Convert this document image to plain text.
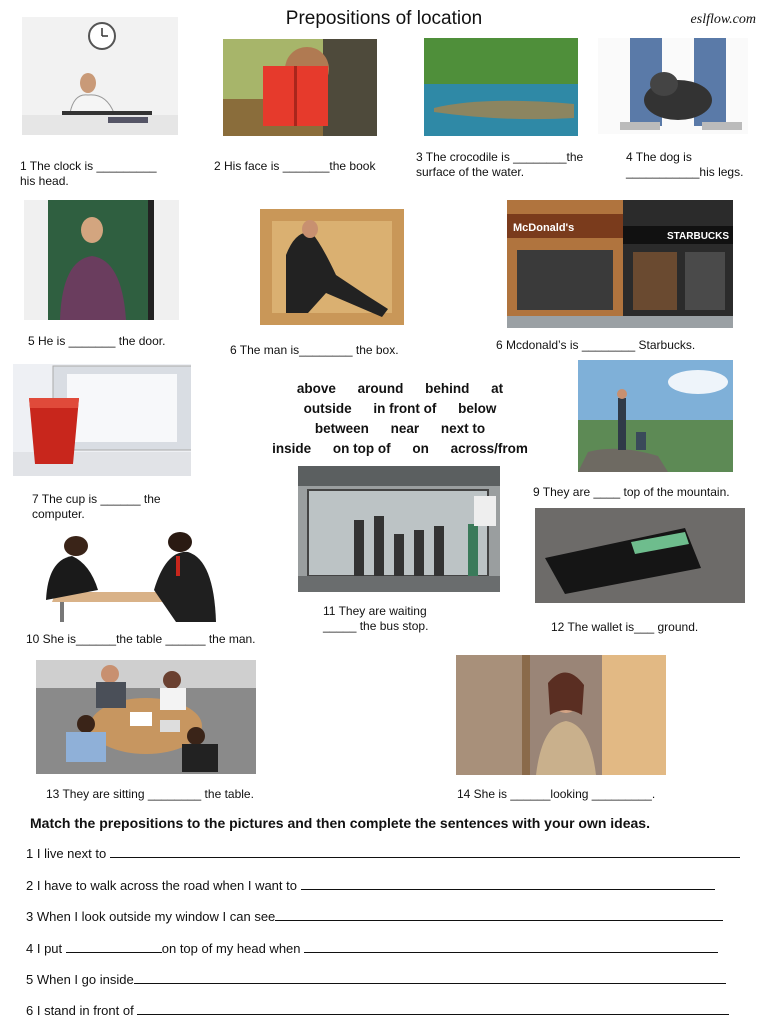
Prepositions of location	eslflow.com
1 The clock is _________
his head.
2 His face is _______the book
3 The crocodile is ________the
surface of the water.
4 The dog is
___________his legs.
5 He is _______ the door.
6 The man is________ the box.
McDonald's
STARBUCKS
6 Mcdonald’s is ________ Starbucks.
7 The cup is ______ the
computer.
above around behind at
outside in front of below
between near next to
inside on top of on across/from
9 They are ____ top of the mountain.
10 She is______the table ______ the man.
11 They are waiting
_____ the bus stop.	12 The wallet is___ ground.
13 They are sitting ________ the table.	14 She is ______looking _________.
Match the prepositions to the pictures and then complete the sentences with your own ideas.
1 I live next to
2 I have to walk across the road when I want to
3 When I look outside my window I can see
4 I put	on top of my head when
5 When I go inside
6 I stand in front of
